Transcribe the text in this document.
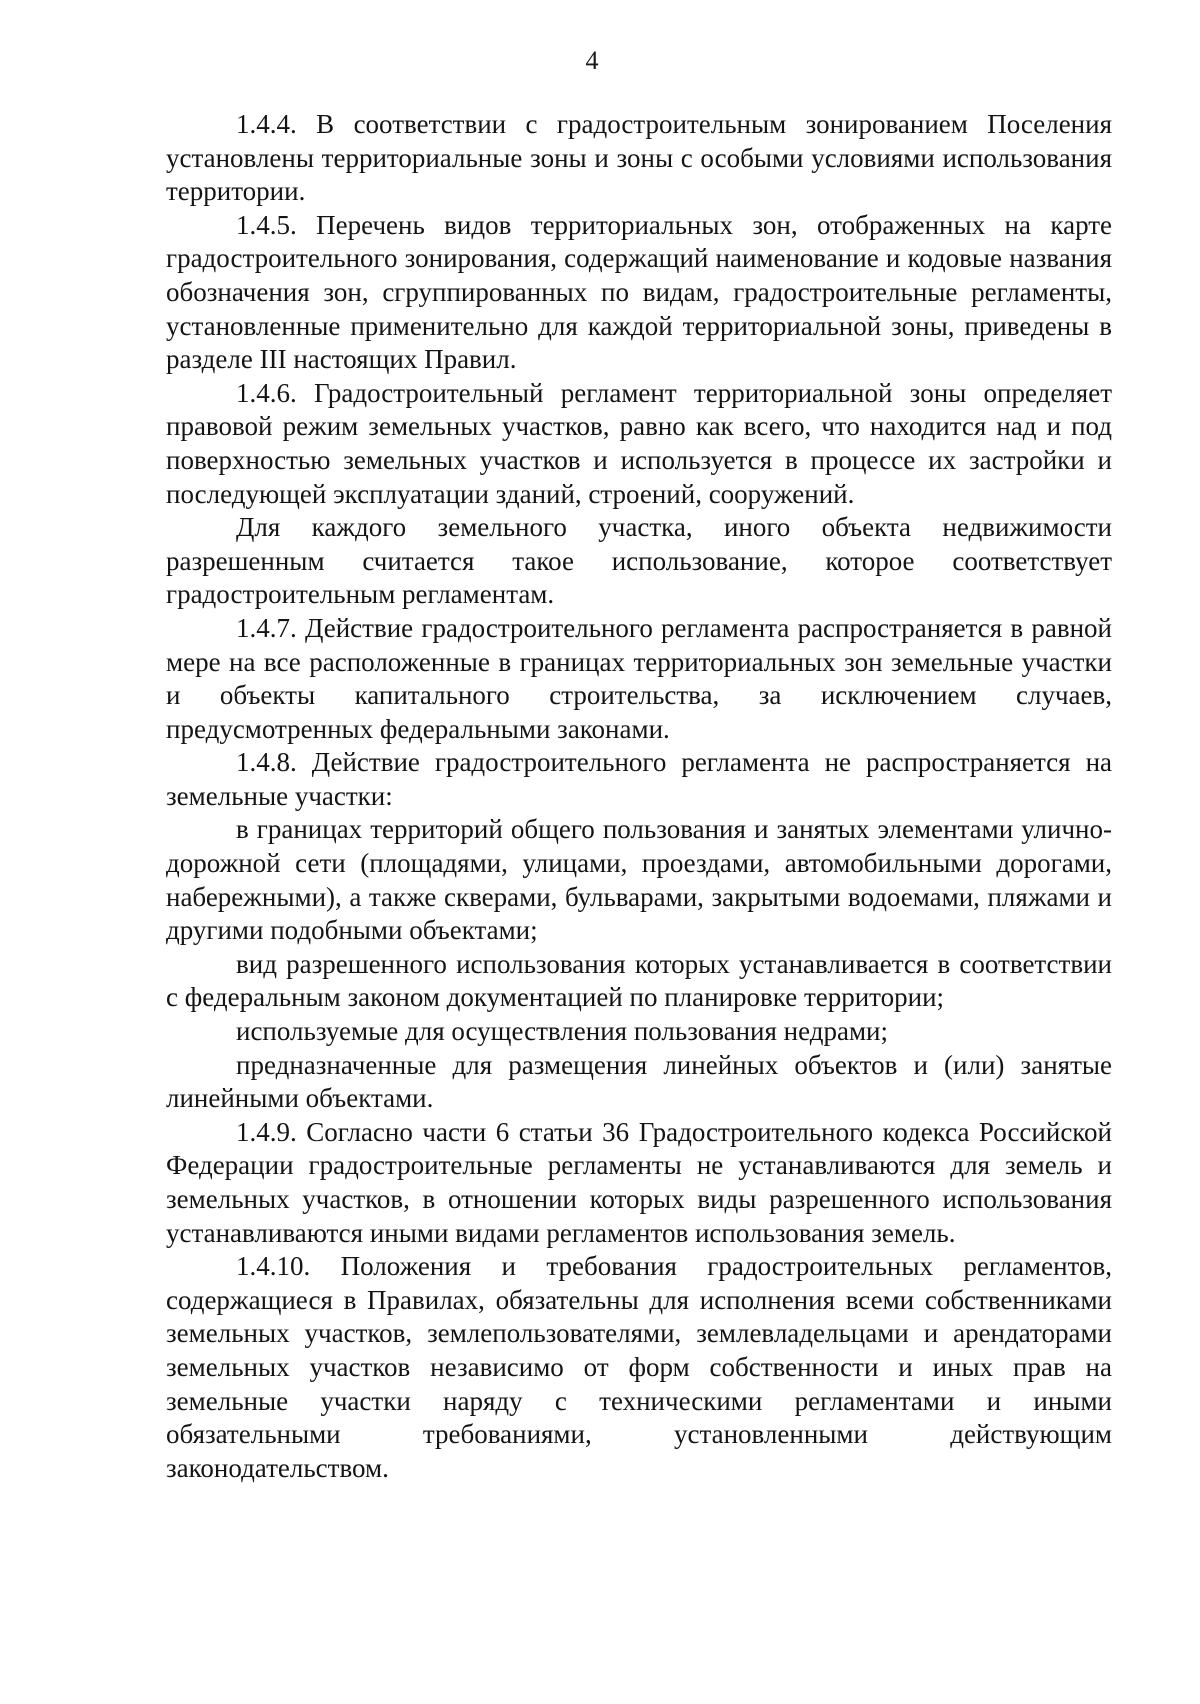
4

1.4.4. В соответствии с градостроительным зонированием Поселения установлены территориальные зоны и зоны с особыми условиями использования территории.

1.4.5. Перечень видов территориальных зон, отображенных на карте градостроительного зонирования, содержащий наименование и кодовые названия обозначения зон, сгруппированных по видам, градостроительные регламенты, установленные применительно для каждой территориальной зоны, приведены в разделе III настоящих Правил.

1.4.6. Градостроительный регламент территориальной зоны определяет правовой режим земельных участков, равно как всего, что находится над и под поверхностью земельных участков и используется в процессе их застройки и последующей эксплуатации зданий, строений, сооружений.

Для каждого земельного участка, иного объекта недвижимости разрешенным считается такое использование, которое соответствует градостроительным регламентам.

1.4.7. Действие градостроительного регламента распространяется в равной мере на все расположенные в границах территориальных зон земельные участки и объекты капитального строительства, за исключением случаев, предусмотренных федеральными законами.

1.4.8. Действие градостроительного регламента не распространяется на земельные участки:

в границах территорий общего пользования и занятых элементами улично-дорожной сети (площадями, улицами, проездами, автомобильными дорогами, набережными), а также скверами, бульварами, закрытыми водоемами, пляжами и другими подобными объектами;

вид разрешенного использования которых устанавливается в соответствии с федеральным законом документацией по планировке территории;

используемые для осуществления пользования недрами;

предназначенные для размещения линейных объектов и (или) занятые линейными объектами.

1.4.9. Согласно части 6 статьи 36 Градостроительного кодекса Российской Федерации градостроительные регламенты не устанавливаются для земель и земельных участков, в отношении которых виды разрешенного использования устанавливаются иными видами регламентов использования земель.

1.4.10. Положения и требования градостроительных регламентов, содержащиеся в Правилах, обязательны для исполнения всеми собственниками земельных участков, землепользователями, землевладельцами и арендаторами земельных участков независимо от форм собственности и иных прав на земельные участки наряду с техническими регламентами и иными обязательными требованиями, установленными действующим законодательством.
